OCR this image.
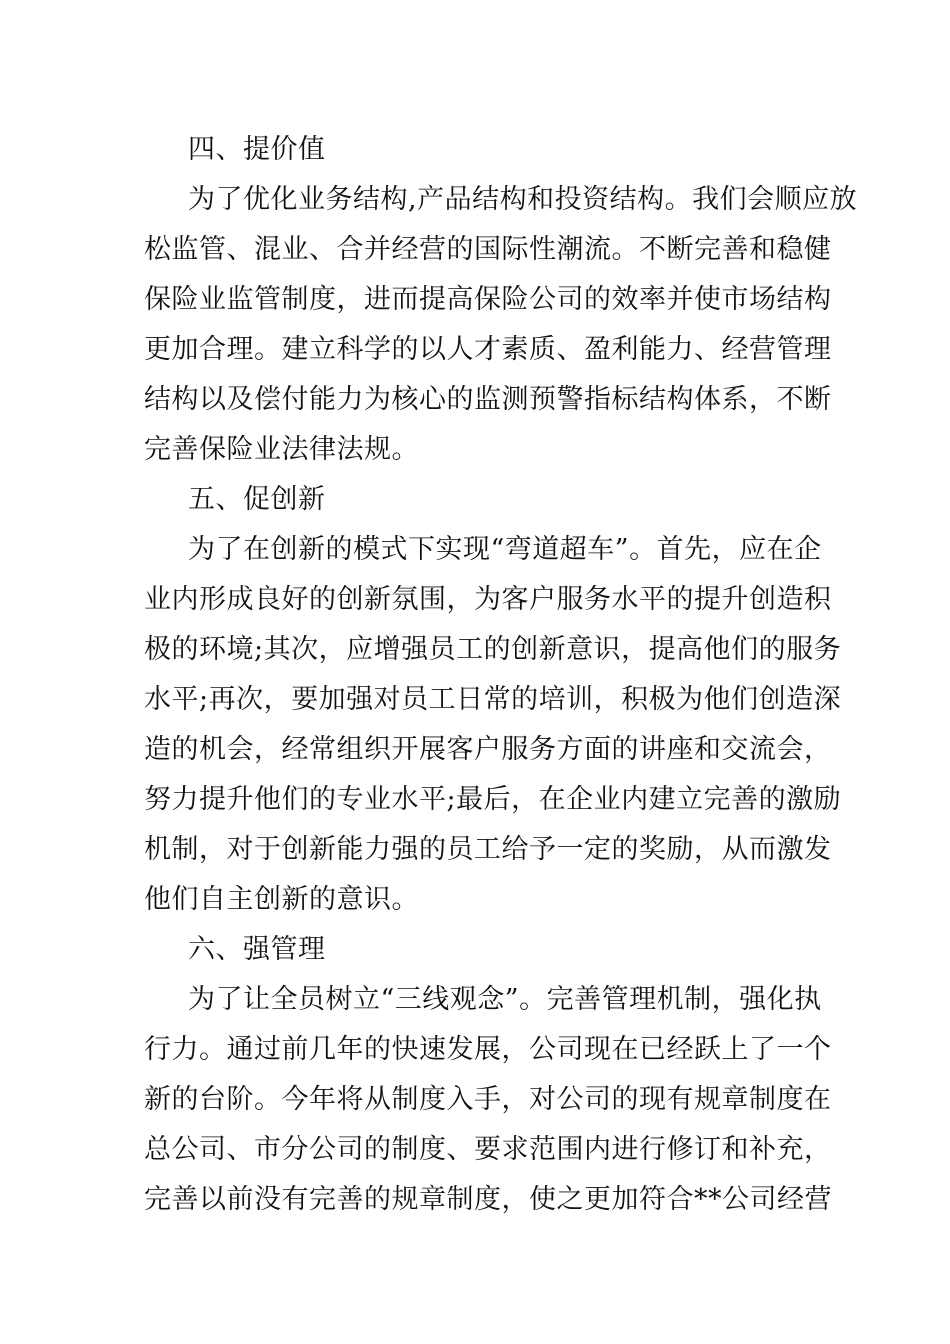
四、提价值
为了优化业务结构,产品结构和投资结构。我们会顺应放
松监管、混业、合并经营的国际性潮流。不断完善和稳健
保险业监管制度，进而提高保险公司的效率并使市场结构
更加合理。建立科学的以人才素质、盈利能力、经营管理
结构以及偿付能力为核心的监测预警指标结构体系，不断
完善保险业法律法规。
五、促创新
为了在创新的模式下实现“弯道超车”。首先，应在企
业内形成良好的创新氛围，为客户服务水平的提升创造积
极的环境;其次，应增强员工的创新意识，提高他们的服务
水平;再次，要加强对员工日常的培训，积极为他们创造深
造的机会，经常组织开展客户服务方面的讲座和交流会，
努力提升他们的专业水平;最后，在企业内建立完善的激励
机制，对于创新能力强的员工给予一定的奖励，从而激发
他们自主创新的意识。
六、强管理
为了让全员树立“三线观念”。完善管理机制，强化执
行力。通过前几年的快速发展，公司现在已经跃上了一个
新的台阶。今年将从制度入手，对公司的现有规章制度在
总公司、市分公司的制度、要求范围内进行修订和补充，
完善以前没有完善的规章制度，使之更加符合**公司经营
